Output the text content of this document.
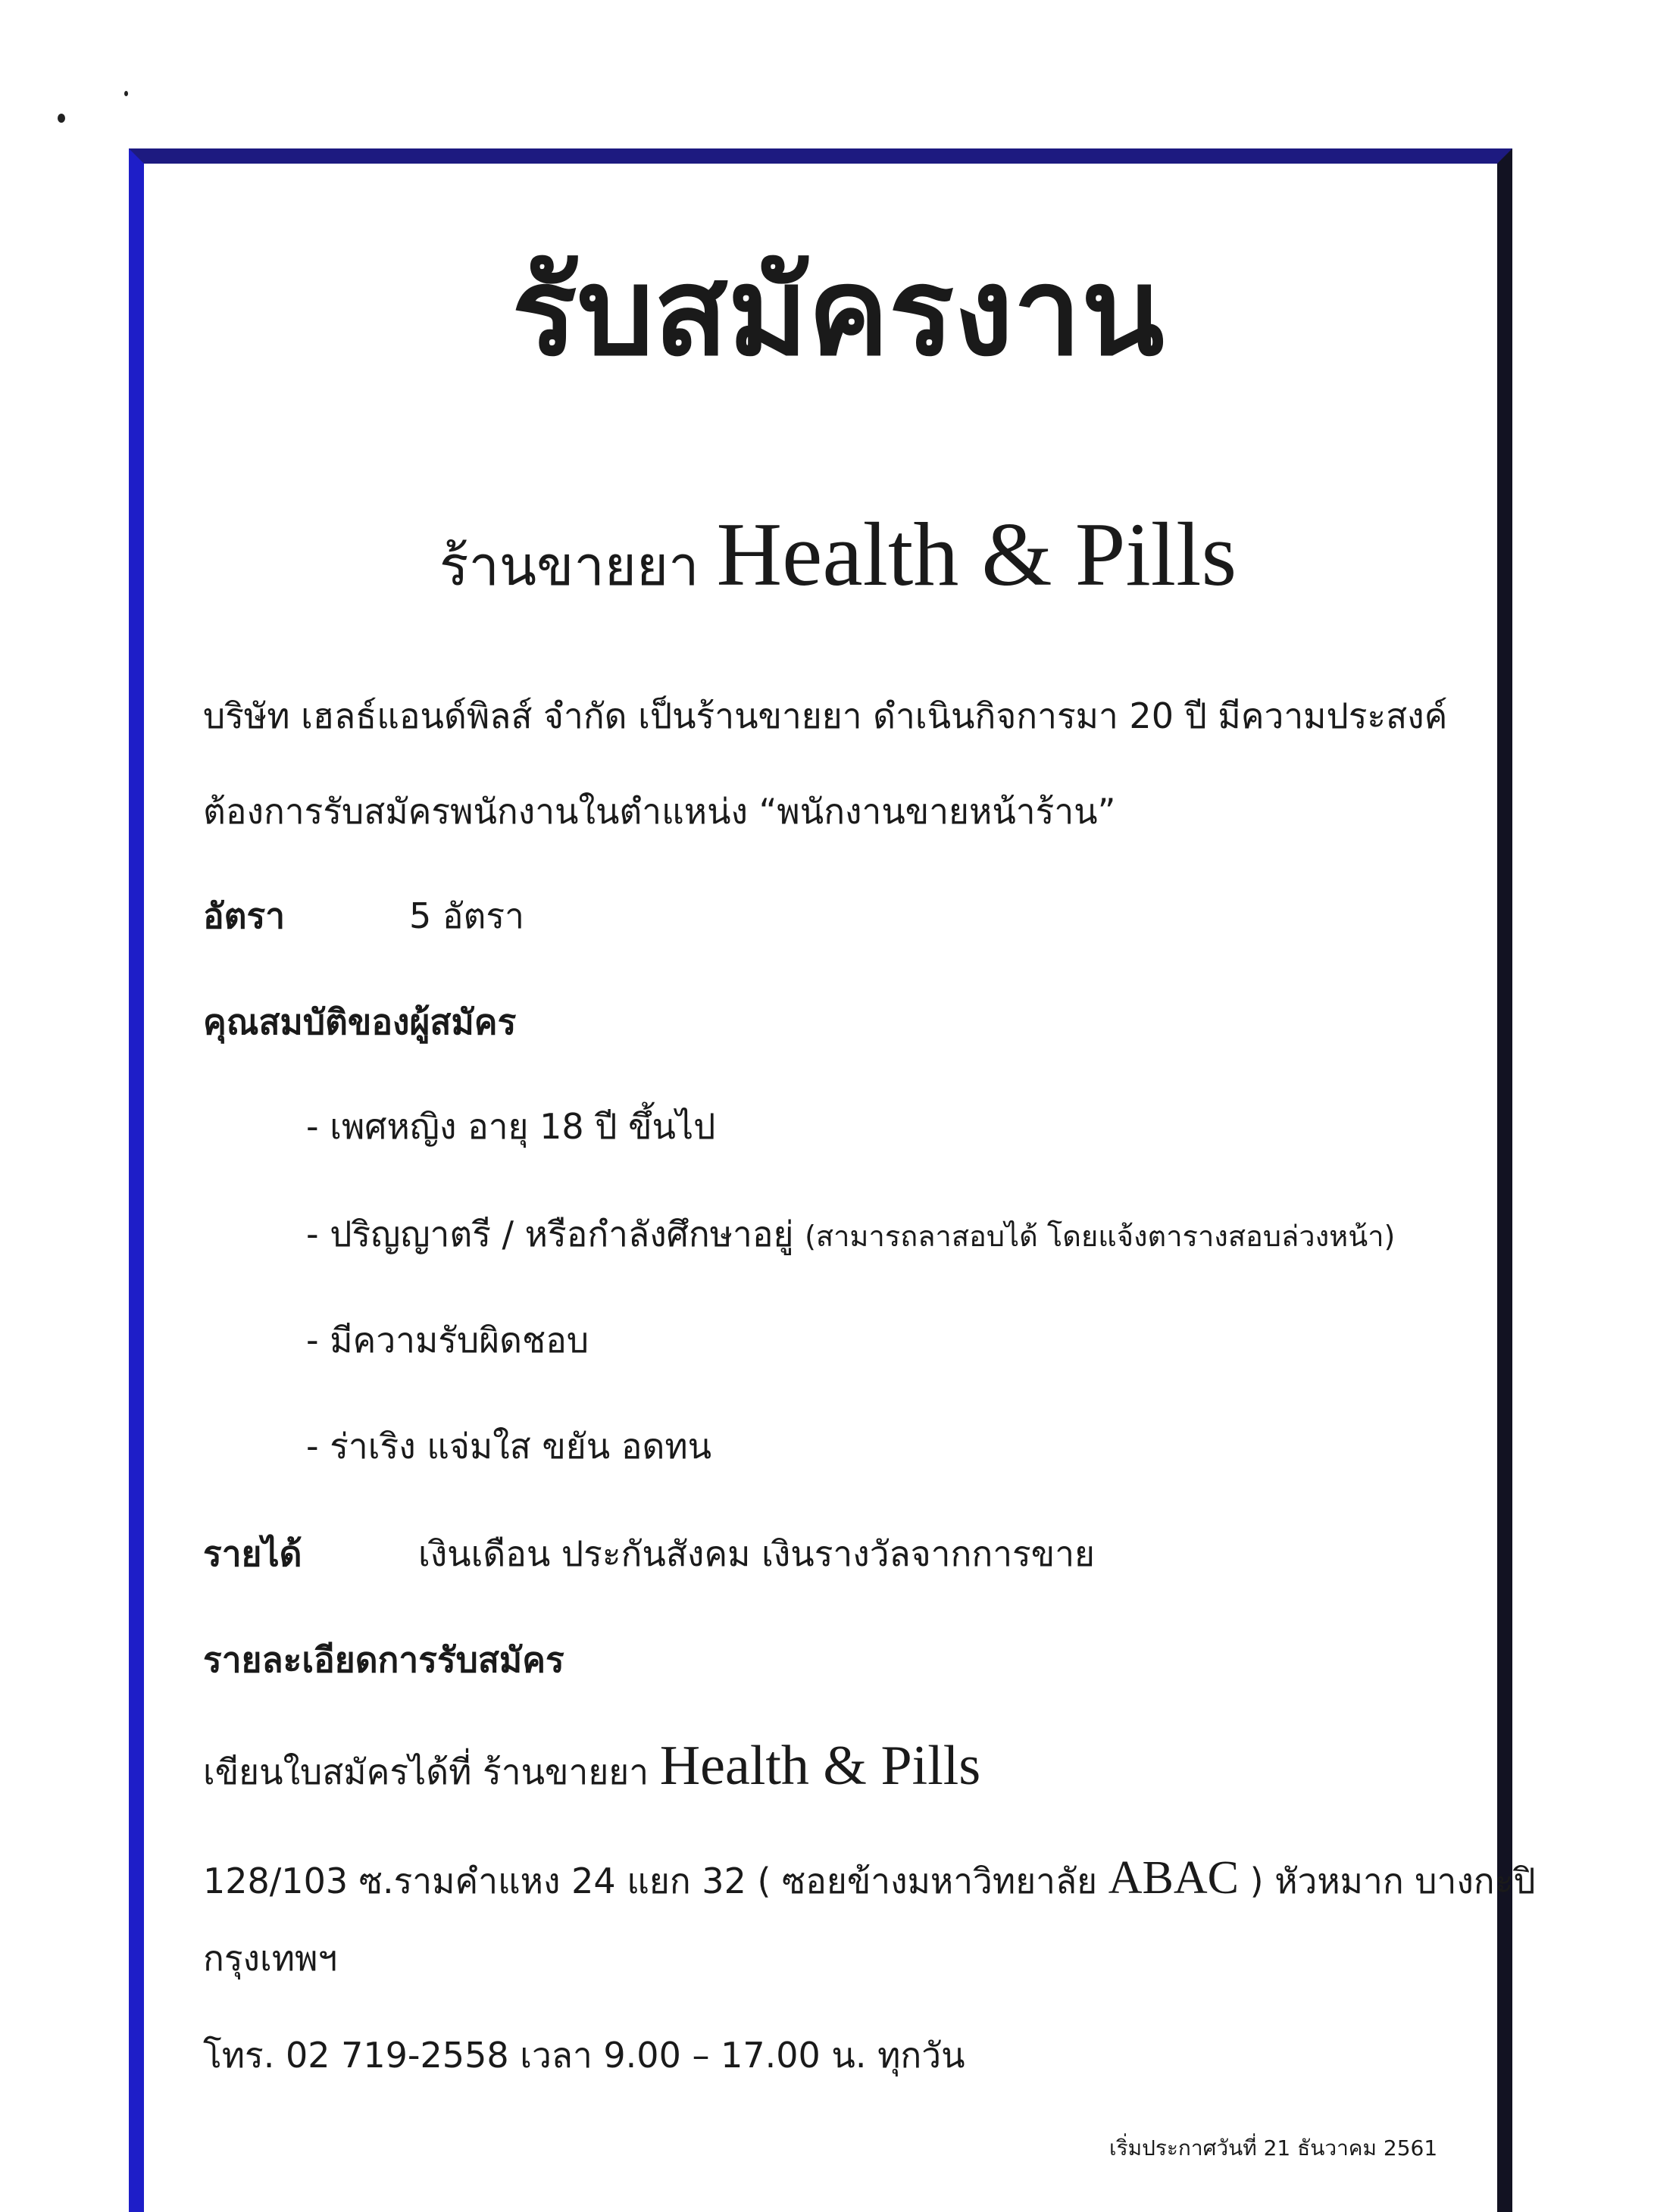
รับสมัครงาน
ร้านขายยา Health & Pills
บริษัท เฮลธ์แอนด์พิลส์ จำกัด เป็นร้านขายยา ดำเนินกิจการมา 20 ปี มีความประสงค์
ต้องการรับสมัครพนักงานในตำแหน่ง “พนักงานขายหน้าร้าน”
อัตรา	5 อัตรา
คุณสมบัติของผู้สมัคร
- เพศหญิง อายุ 18 ปี ขึ้นไป
- ปริญญาตรี / หรือกำลังศึกษาอยู่ (สามารถลาสอบได้ โดยแจ้งตารางสอบล่วงหน้า)
- มีความรับผิดชอบ
- ร่าเริง แจ่มใส ขยัน อดทน
รายได้	เงินเดือน ประกันสังคม เงินรางวัลจากการขาย
รายละเอียดการรับสมัคร
เขียนใบสมัครได้ที่ ร้านขายยา Health & Pills
128/103 ซ.รามคำแหง 24 แยก 32 ( ซอยข้างมหาวิทยาลัย ABAC ) หัวหมาก บางกะปิ
กรุงเทพฯ
โทร. 02 719-2558 เวลา 9.00 – 17.00 น. ทุกวัน
เริ่มประกาศวันที่ 21 ธันวาคม 2561
